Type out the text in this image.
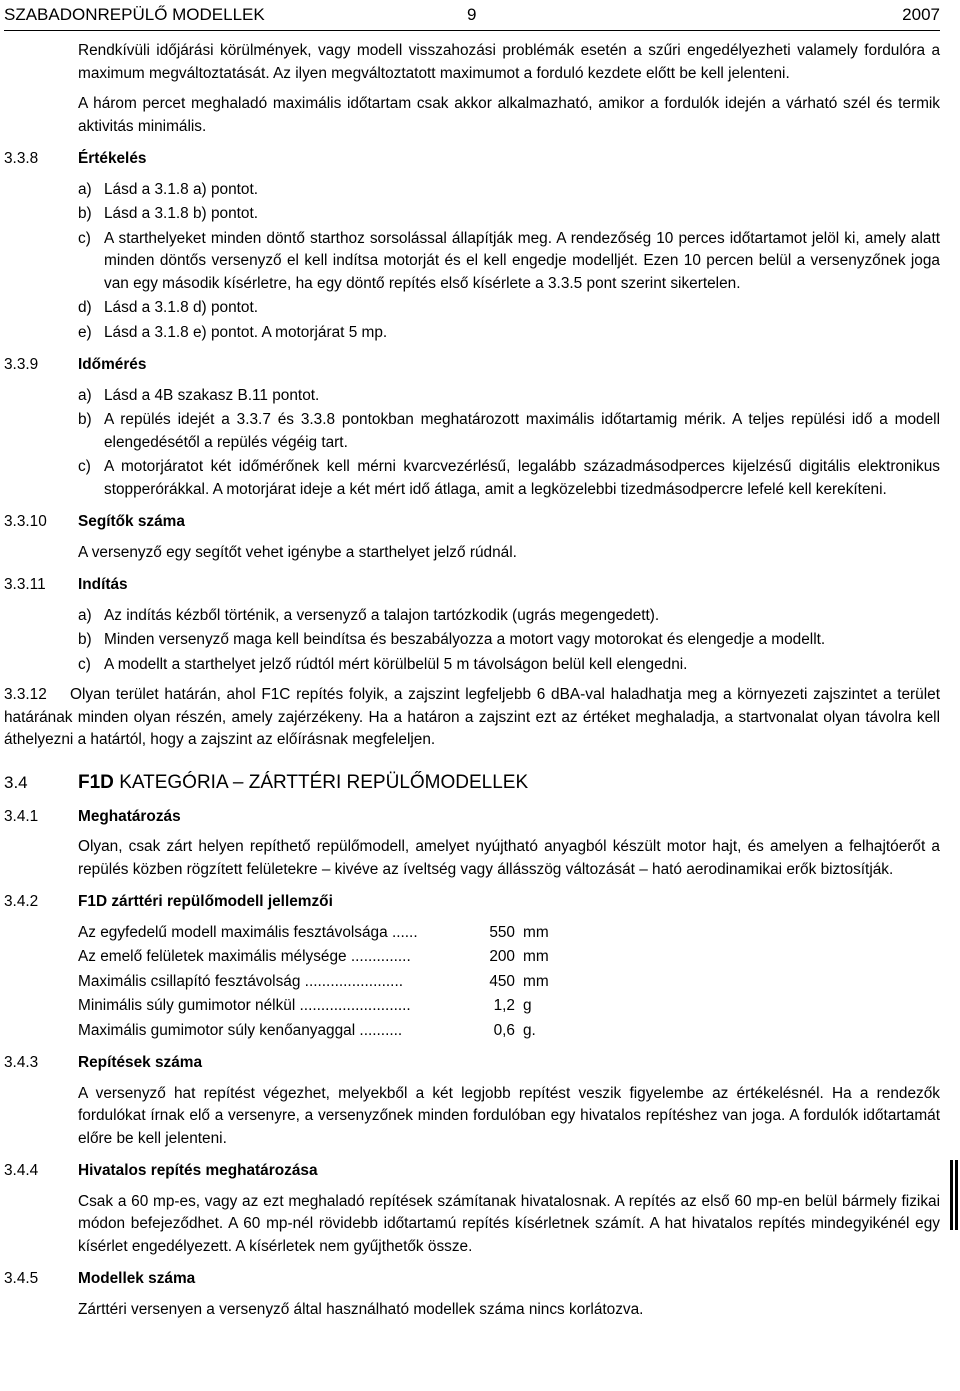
SZABADONREPÜLŐ MODELLEK	9	2007

Rendkívüli időjárási körülmények, vagy modell visszahozási problémák esetén a szűri engedélyezheti valamely fordulóra a maximum megváltoztatását. Az ilyen megváltoztatott maximumot a forduló kezdete előtt be kell jelenteni.

A három percet meghaladó maximális időtartam csak akkor alkalmazható, amikor a fordulók idején a várható szél és termik aktivitás minimális.

3.3.8	Értékelés
a) Lásd a 3.1.8 a) pontot.
b) Lásd a 3.1.8 b) pontot.
c) A starthelyeket minden döntő starthoz sorsolással állapítják meg. A rendezőség 10 perces időtartamot jelöl ki, amely alatt minden döntős versenyző el kell indítsa motorját és el kell engedje modelljét. Ezen 10 percen belül a versenyzőnek joga van egy második kísérletre, ha egy döntő repítés első kísérlete a 3.3.5 pont szerint sikertelen.
d) Lásd a 3.1.8 d) pontot.
e) Lásd a 3.1.8 e) pontot. A motorjárat 5 mp.
3.3.9	Időmérés
a) Lásd a 4B szakasz B.11 pontot.
b) A repülés idejét a 3.3.7 és 3.3.8 pontokban meghatározott maximális időtartamig mérik. A teljes repülési idő a modell elengedésétől a repülés végéig tart.
c) A motorjáratot két időmérőnek kell mérni kvarcvezérlésű, legalább századmásodperces kijelzésű digitális elektronikus stopperórákkal. A motorjárat ideje a két mért idő átlaga, amit a legközelebbi tizedmásodpercre lefelé kell kerekíteni.
3.3.10 Segítők száma

A versenyző egy segítőt vehet igénybe a starthelyet jelző rúdnál.

3.3.11 Indítás
a) Az indítás kézből történik, a versenyző a talajon tartózkodik (ugrás megengedett).
b) Minden versenyző maga kell beindítsa és beszabályozza a motort vagy motorokat és elengedje a modellt.
c) A modellt a starthelyet jelző rúdtól mért körülbelül 5 m távolságon belül kell elengedni.

3.3.12 Olyan terület határán, ahol F1C repítés folyik, a zajszint legfeljebb 6 dBA-val haladhatja meg a környezeti zajszintet a terület határának minden olyan részén, amely zajérzékeny. Ha a határon a zajszint ezt az értéket meghaladja, a startvonalat olyan távolra kell áthelyezni a határtól, hogy a zajszint az előírásnak megfeleljen.

3.4	F1D KATEGÓRIA – ZÁRTTÉRI REPÜLŐMODELLEK
3.4.1	Meghatározás

Olyan, csak zárt helyen repíthető repülőmodell, amelyet nyújtható anyagból készült motor hajt, és amelyen a felhajtóerőt a repülés közben rögzített felületekre – kivéve az íveltség vagy állásszög változását – ható aerodinamikai erők biztosítják.

3.4.2	F1D zárttéri repülőmodell jellemzői
Az egyfedelű modell maximális fesztávolsága ......	550 mm
Az emelő felületek maximális mélysége ..............	200 mm
Maximális csillapító fesztávolság .......................	450 mm
Minimális súly gumimotor nélkül ..........................	1,2 g
Maximális gumimotor súly kenőanyaggal ..........	0,6 g.
3.4.3	Repítések száma

A versenyző hat repítést végezhet, melyekből a két legjobb repítést veszik figyelembe az értékelésnél. Ha a rendezők fordulókat írnak elő a versenyre, a versenyzőnek minden fordulóban egy hivatalos repítéshez van joga. A fordulók időtartamát előre be kell jelenteni.

3.4.4	Hivatalos repítés meghatározása

Csak a 60 mp-es, vagy az ezt meghaladó repítések számítanak hivatalosnak. A repítés az első 60 mp-en belül bármely fizikai módon befejeződhet. A 60 mp-nél rövidebb időtartamú repítés kísérletnek számít. A hat hivatalos repítés mindegyikénél egy kísérlet engedélyezett. A kísérletek nem gyűjthetők össze.

3.4.5	Modellek száma

Zárttéri versenyen a versenyző által használható modellek száma nincs korlátozva.
